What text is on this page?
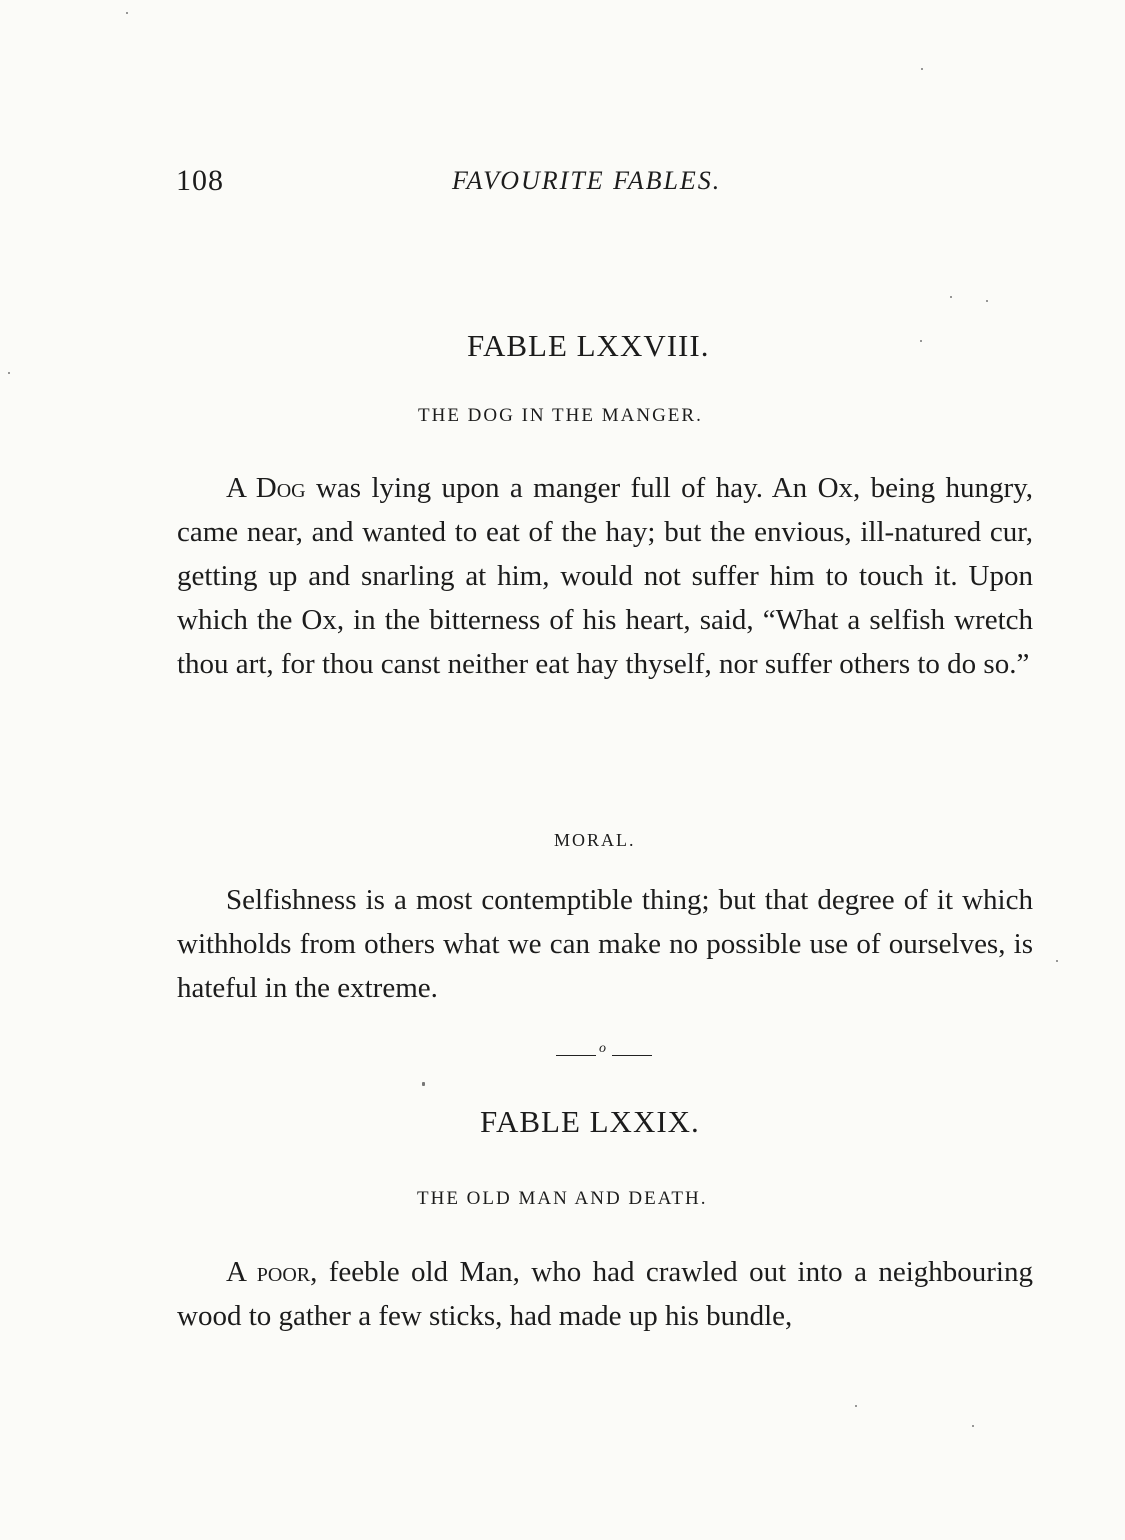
108	FAVOURITE FABLES.
FABLE LXXVIII.
THE DOG IN THE MANGER.

A Dog was lying upon a manger full of hay. An Ox, being hungry, came near, and wanted to eat of the hay; but the envious, ill-natured cur, getting up and snarling at him, would not suffer him to touch it. Upon which the Ox, in the bitterness of his heart, said, “What a selfish wretch thou art, for thou canst neither eat hay thyself, nor suffer others to do so.”

MORAL.

Selfishness is a most contemptible thing; but that degree of it which withholds from others what we can make no possible use of ourselves, is hateful in the extreme.

o
FABLE LXXIX.
THE OLD MAN AND DEATH.

A poor, feeble old Man, who had crawled out into a neighbouring wood to gather a few sticks, had made up his bundle,
